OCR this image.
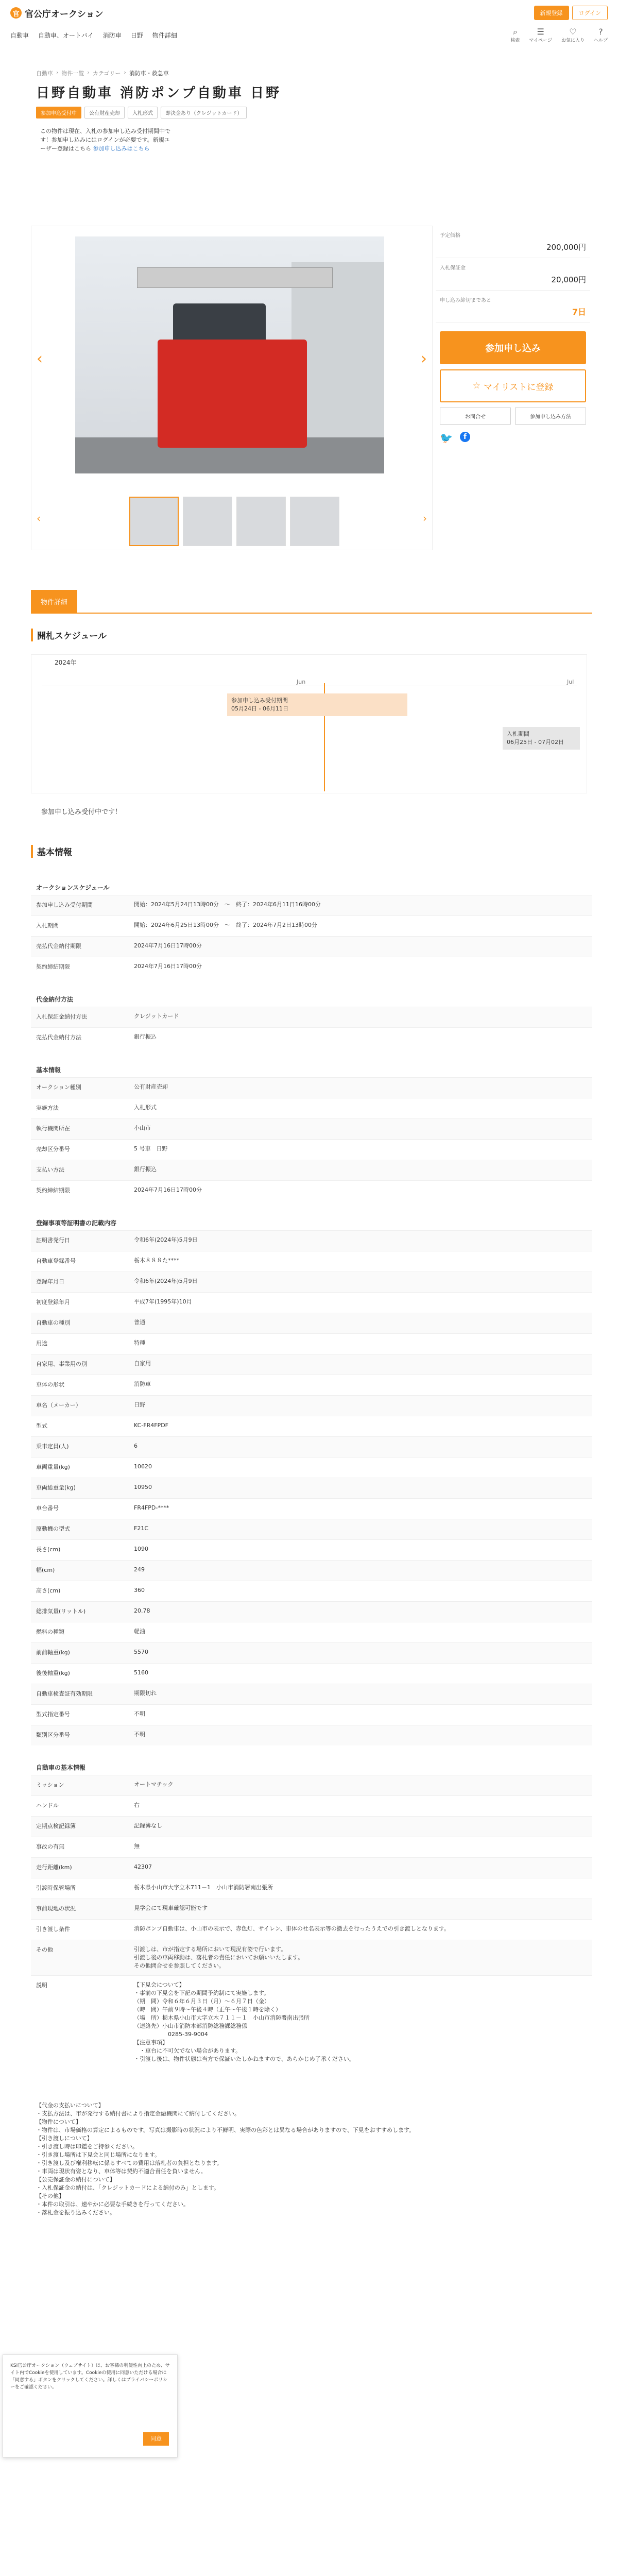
官 官公庁オークション	新規登録	ログイン
自動車 自動車、オートバイ 消防車 日野 物件詳細	⌕
検索
☰
マイページ
♡
お気に入り
?
ヘルプ
自動車 › 物件一覧 › カテゴリー › 消防車・救急車
日野自動車 消防ポンプ自動車 日野
参加申込受付中	公有財産売却	入札形式	即決金あり（クレジットカード）
この物件は現在、入札の参加申し込み受付期間中です！参加申し込みにはログインが必要です。新規ユーザー登録はこちら 参加申し込みはこちら
‹	›
‹	›
予定価格
200,000円
入札保証金
20,000円
申し込み締切まであと
7日
参加申し込み
☆ マイリストに登録
お問合せ	参加申し込み方法
🐦	f
物件詳細
開札スケジュール
2024年
Jun	Jul
参加申し込み受付期間
05月24日 - 06月11日
入札期間
06月25日 - 07月02日
参加申し込み受付中です！
基本情報
オークションスケジュール
参加申し込み受付期間	開始：2024年5月24日13時00分　～　終了：2024年6月11日16時00分
入札期間	開始：2024年6月25日13時00分　～　終了：2024年7月2日13時00分
売払代金納付期限	2024年7月16日17時00分
契約締結期限	2024年7月16日17時00分
代金納付方法
入札保証金納付方法	クレジットカード
売払代金納付方法	銀行振込
基本情報
オークション種別	公有財産売却
実施方法	入札形式
執行機関所在	小山市
売却区分番号	5 号車　日野
支払い方法	銀行振込
契約締結期限	2024年7月16日17時00分
登録事項等証明書の記載内容
証明書発行日	令和6年(2024年)5月9日
自動車登録番号	栃木８８８た****
登録年月日	令和6年(2024年)5月9日
初度登録年月	平成7年(1995年)10月
自動車の種別	普通
用途	特種
自家用、事業用の別	自家用
車体の形状	消防車
車名（メーカー）	日野
型式	KC-FR4FPDF
乗車定員(人)	6
車両重量(kg)	10620
車両総重量(kg)	10950
車台番号	FR4FPD-****
原動機の型式	F21C
長さ(cm)	1090
幅(cm)	249
高さ(cm)	360
総排気量(リットル)	20.78
燃料の種類	軽油
前前軸重(kg)	5570
後後軸重(kg)	5160
自動車検査証有効期限	期限切れ
型式指定番号	不明
類別区分番号	不明
自動車の基本情報
ミッション	オートマチック
ハンドル	右
定期点検記録簿	記録簿なし
事故の有無	無
走行距離(km)	42307
引渡時保管場所	栃木県小山市大字立木711－1　小山市消防署南出張所
事前現地の状況	見学会にて現車確認可能です
引き渡し条件	消防ポンプ自動車は、小山市の表示で、赤色灯、サイレン、車体の社名表示等の撤去を行ったうえでの引き渡しとなります。
その他	引渡しは、市が指定する場所において現況有姿で行います。
引渡し後の車両移動は、落札者の責任においてお願いいたします。
その他問合せを参照してください。
説明	【下見会について】
・事前の下見会を下記の期間予約制にて実施します。
（期　間）令和６年６月３日（月）～６月７日（金）
（時　間）午前９時～午後４時（正午～午後１時を除く）
（場　所）栃木県小山市大字立木７１１－１　小山市消防署南出張所
（連絡先）小山市消防本部消防総務課総務係
　　　　　　0285-39-9004
【注意事項】
　・車台に不可欠でない場合があります。
・引渡し後は、物件状態は当方で保証いたしかねますので、あらかじめ了承ください。
【代金の支払いについて】
・支払方法は、市が発行する納付書により指定金融機関にて納付してください。
【物件について】
・物件は、市場価格の算定によるものです。写真は撮影時の状況により不鮮明、実際の色彩とは異なる場合がありますので、下見をおすすめします。
【引き渡しについて】
・引き渡し時は印鑑をご持参ください。
・引き渡し場所は下見会と同じ場所になります。
・引き渡し及び権利移転に係るすべての費用は落札者の負担となります。
・車両は現状有姿となり、車体等は契約不適合責任を負いません。
【公売保証金の納付について】
・入札保証金の納付は、「クレジットカードによる納付のみ」とします。
【その他】
・本件の取引は、速やかに必要な手続きを行ってください。
・落札金を振り込みください。
KSI官公庁オークション（ウェブサイト）は、お客様の利便性向上のため、サイト内でCookieを使用しています。Cookieの使用に同意いただける場合は「同意する」ボタンをクリックしてください。詳しくはプライバシーポリシーをご確認ください。
同意
